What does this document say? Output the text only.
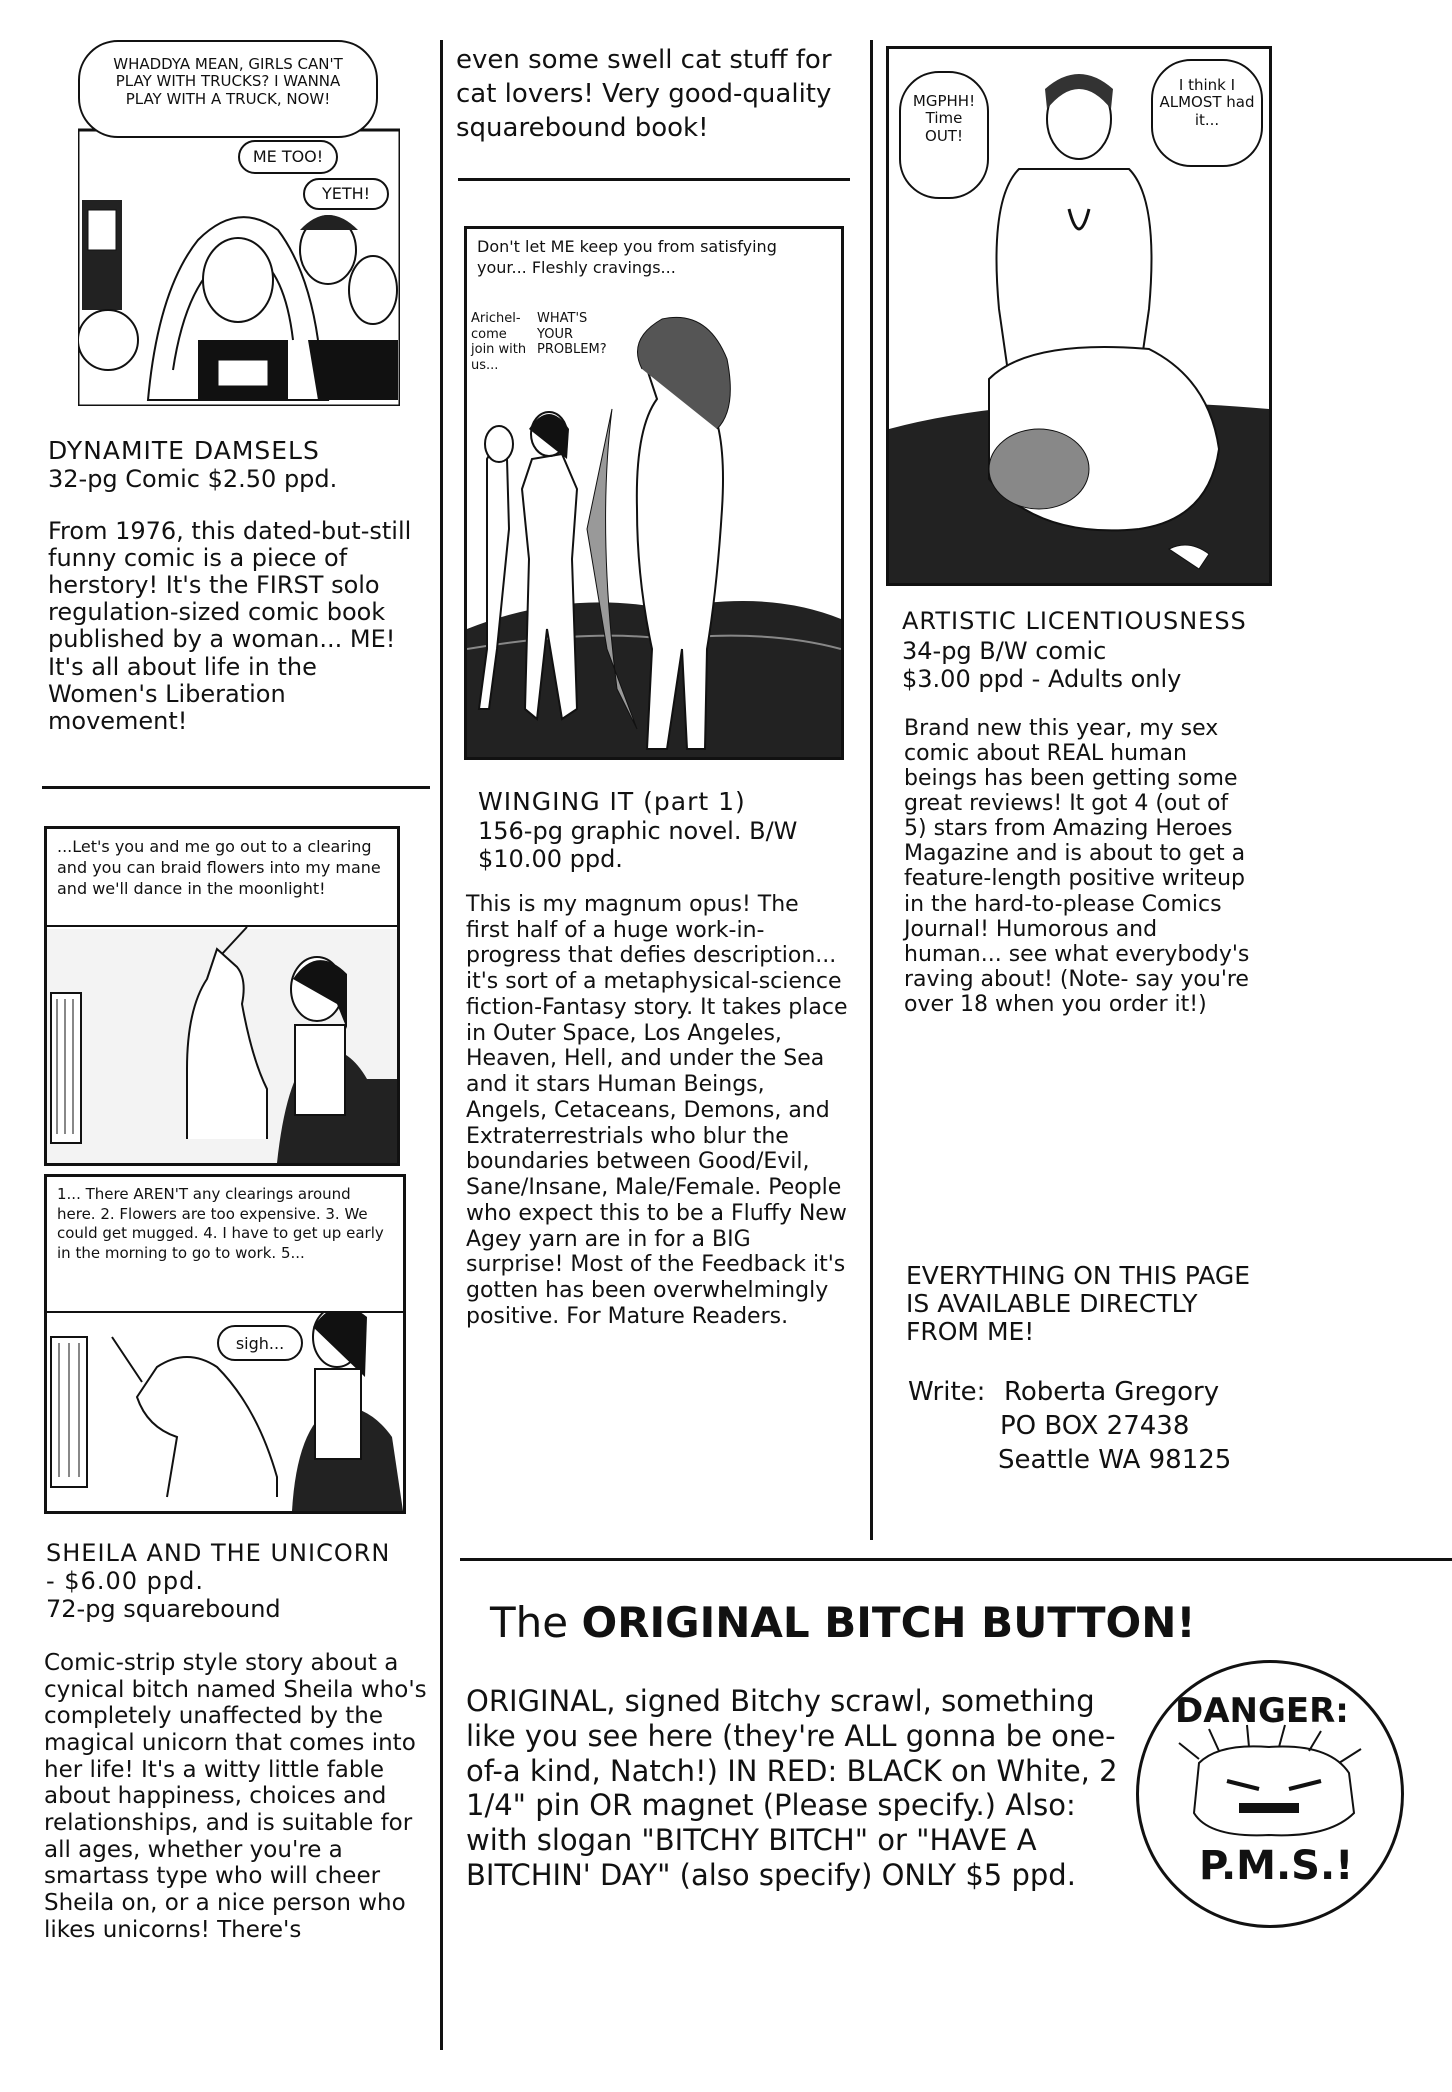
WHADDYA MEAN, GIRLS CAN'T PLAY WITH TRUCKS? I WANNA PLAY WITH A TRUCK, NOW!
ME TOO!
YETH!
DYNAMITE DAMSELS
32-pg Comic $2.50 ppd.
From 1976, this dated-but-still funny comic is a piece of herstory! It's the FIRST solo regulation-sized comic book published by a woman... ME! It's all about life in the Women's Liberation movement!
...Let's you and me go out to a clearing and you can braid flowers into my mane and we'll dance in the moonlight!
1... There AREN'T any clearings around here. 2. Flowers are too expensive. 3. We could get mugged. 4. I have to get up early in the morning to go to work. 5...
sigh...
SHEILA AND THE UNICORN - $6.00 ppd.
72-pg squarebound
Comic-strip style story about a cynical bitch named Sheila who's completely unaffected by the magical unicorn that comes into her life! It's a witty little fable about happiness, choices and relationships, and is suitable for all ages, whether you're a smartass type who will cheer Sheila on, or a nice person who likes unicorns! There's
even some swell cat stuff for cat lovers! Very good-quality squarebound book!
Don't let ME keep you from satisfying your... Fleshly cravings...
Arichel- come join with us...
WHAT'S YOUR PROBLEM?
WINGING IT (part 1)
156-pg graphic novel. B/W $10.00 ppd.
This is my magnum opus! The first half of a huge work-in-progress that defies description... it's sort of a metaphysical-science fiction-Fantasy story. It takes place in Outer Space, Los Angeles, Heaven, Hell, and under the Sea and it stars Human Beings, Angels, Cetaceans, Demons, and Extraterrestrials who blur the boundaries between Good/Evil, Sane/Insane, Male/Female. People who expect this to be a Fluffy New Agey yarn are in for a BIG surprise! Most of the Feedback it's gotten has been overwhelmingly positive. For Mature Readers.
MGPHH! Time OUT!
I think I ALMOST had it...
ARTISTIC LICENTIOUSNESS
34-pg B/W comic
$3.00 ppd - Adults only
Brand new this year, my sex comic about REAL human beings has been getting some great reviews! It got 4 (out of 5) stars from Amazing Heroes Magazine and is about to get a feature-length positive writeup in the hard-to-please Comics Journal! Humorous and human... see what everybody's raving about! (Note- say you're over 18 when you order it!)
EVERYTHING ON THIS PAGE IS AVAILABLE DIRECTLY FROM ME!
Write: Roberta Gregory
PO BOX 27438
Seattle WA 98125
The ORIGINAL BITCH BUTTON!
ORIGINAL, signed Bitchy scrawl, something like you see here (they're ALL gonna be one-of-a kind, Natch!) IN RED: BLACK on White, 2 1/4" pin OR magnet (Please specify.) Also: with slogan "BITCHY BITCH" or "HAVE A BITCHIN' DAY" (also specify) ONLY $5 ppd.
DANGER:
P.M.S.!
